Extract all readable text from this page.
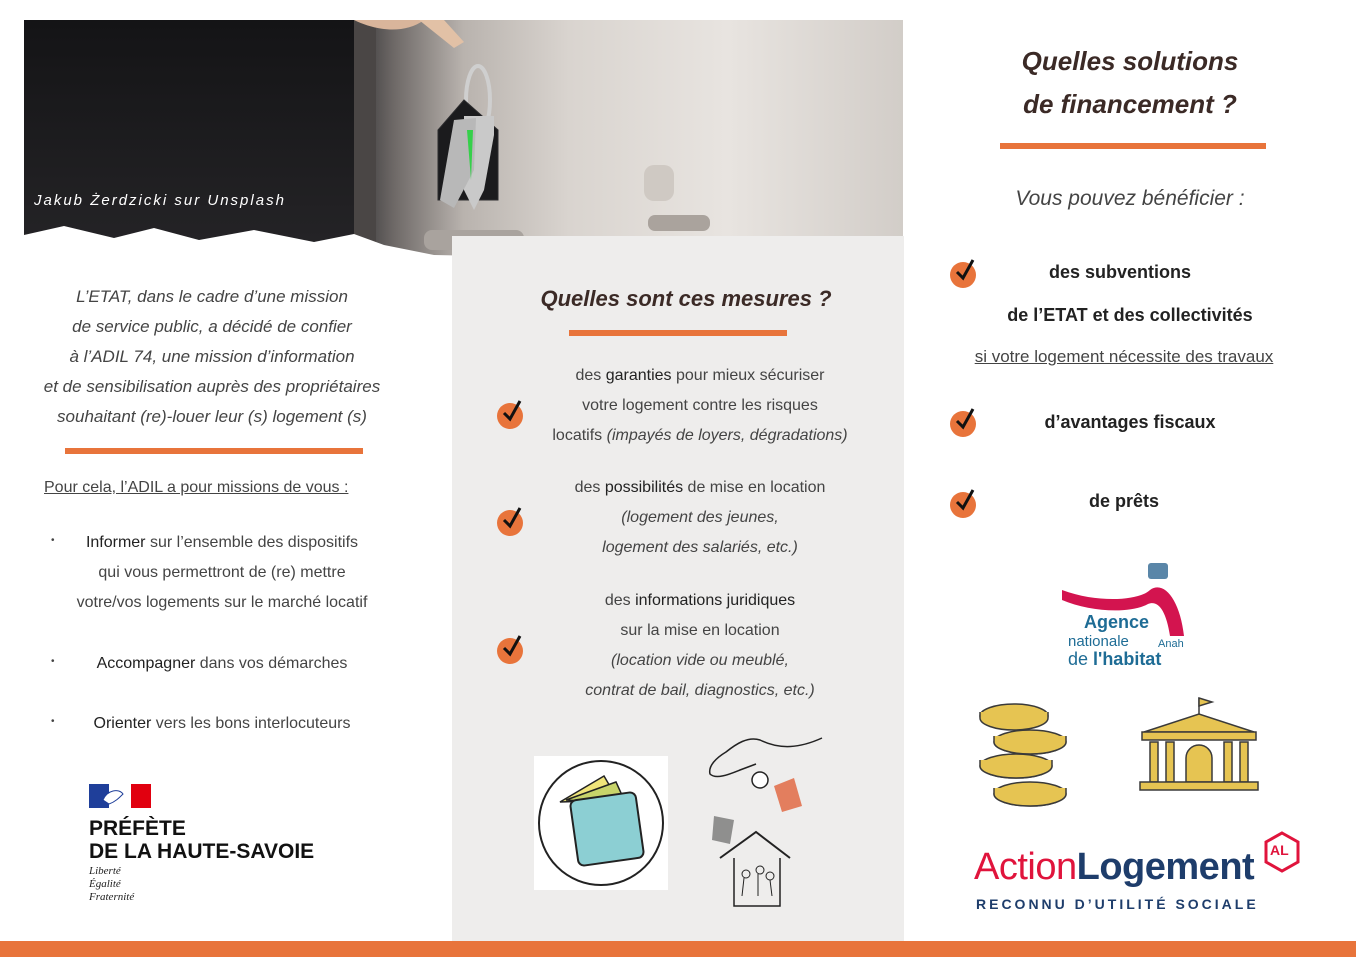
Jakub Żerdzicki sur Unsplash
L’ETAT, dans le cadre d’une mission
de service public, a décidé de confier
à l’ADIL 74, une mission d’information
et de sensibilisation auprès des propriétaires
souhaitant (re)-louer leur (s) logement (s)
Pour cela, l’ADIL a pour missions de vous :
•	Informer sur l’ensemble des dispositifs
qui vous permettront de (re) mettre
votre/vos logements sur le marché locatif
•	Accompagner dans vos démarches
•	Orienter vers les bons interlocuteurs
PRÉFÈTE
DE LA HAUTE-SAVOIE
Liberté
Égalité
Fraternité
Quelles sont ces mesures ?
des garanties pour mieux sécuriser
votre logement contre les risques
locatifs (impayés de loyers, dégradations)
des possibilités de mise en location
(logement des jeunes,
logement des salariés, etc.)
des informations juridiques
sur la mise en location
(location vide ou meublé,
contrat de bail, diagnostics, etc.)
Quelles solutions
de financement ?
Vous pouvez bénéficier :
des subventions
de l’ETAT et des collectivités
si votre logement nécessite des travaux
d’avantages fiscaux
de prêts
Agence
nationale
de l'habitat
Anah
ActionLogement AL
RECONNU D’UTILITÉ SOCIALE
